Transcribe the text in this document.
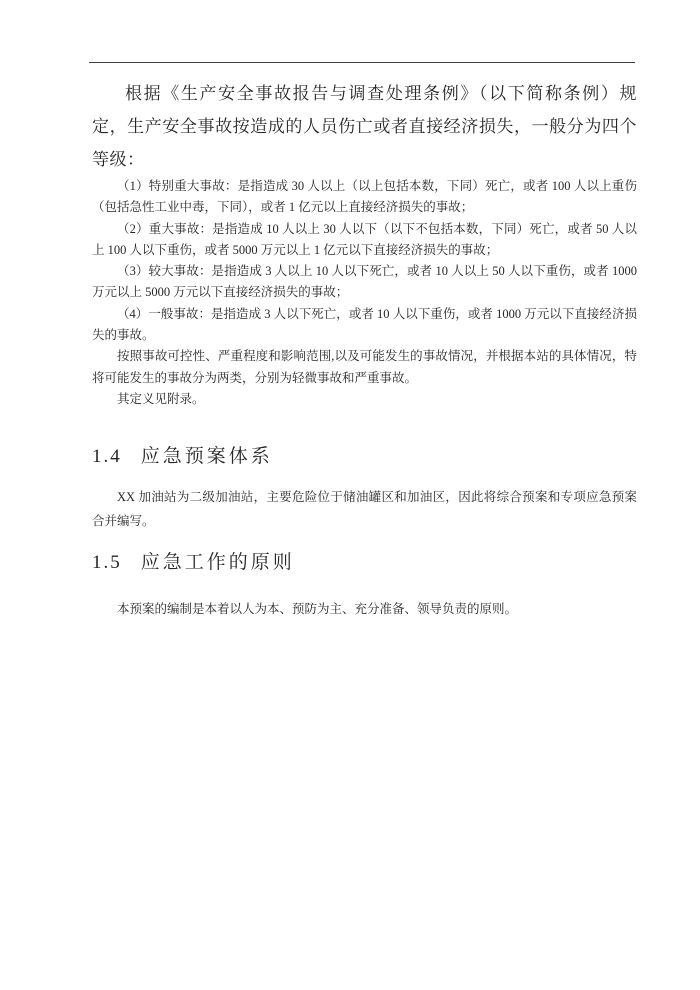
根据《生产安全事故报告与调查处理条例》（以下简称条例）规定，生产安全事故按造成的人员伤亡或者直接经济损失，一般分为四个等级：

（1）特别重大事故：是指造成 30 人以上（以上包括本数，下同）死亡，或者 100 人以上重伤（包括急性工业中毒，下同），或者 1 亿元以上直接经济损失的事故；

（2）重大事故：是指造成 10 人以上 30 人以下（以下不包括本数，下同）死亡，或者 50 人以上 100 人以下重伤，或者 5000 万元以上 1 亿元以下直接经济损失的事故；

（3）较大事故：是指造成 3 人以上 10 人以下死亡，或者 10 人以上 50 人以下重伤，或者 1000 万元以上 5000 万元以下直接经济损失的事故；

（4）一般事故：是指造成 3 人以下死亡，或者 10 人以下重伤，或者 1000 万元以下直接经济损失的事故。

按照事故可控性、严重程度和影响范围,以及可能发生的事故情况，并根据本站的具体情况，特将可能发生的事故分为两类，分别为轻微事故和严重事故。

其定义见附录。

1.4 应急预案体系

XX 加油站为二级加油站，主要危险位于储油罐区和加油区，因此将综合预案和专项应急预案合并编写。

1.5 应急工作的原则

本预案的编制是本着以人为本、预防为主、充分准备、领导负责的原则。
